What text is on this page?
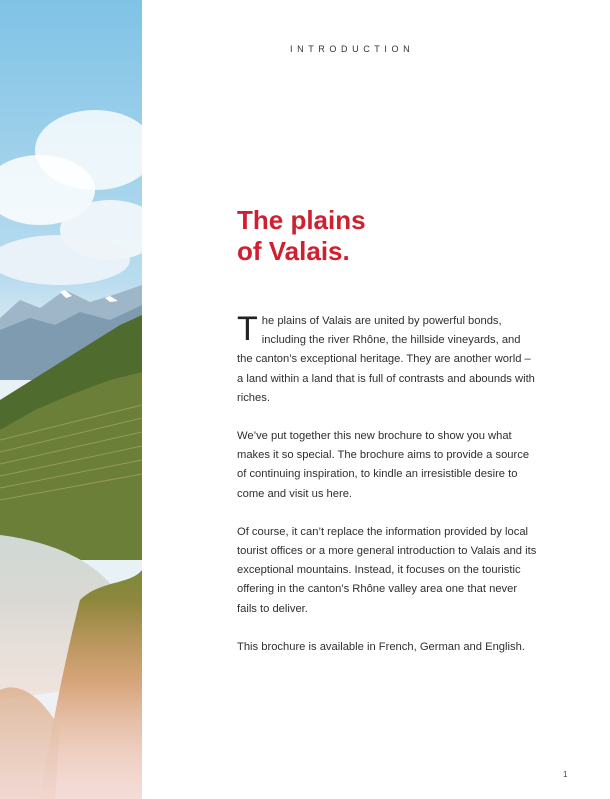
INTRODUCTION
The plains
of Valais.

The plains of Valais are united by powerful bonds, including the river Rhône, the hillside vineyards, and the canton’s exceptional heritage. They are another world – a land within a land that is full of contrasts and abounds with riches.

We’ve put together this new brochure to show you what makes it so special. The brochure aims to provide a source of continuing inspiration, to kindle an irresistible desire to come and visit us here.

Of course, it can’t replace the information provided by local tourist offices or a more general introduction to Valais and its exceptional mountains. Instead, it focuses on the touristic offering in the canton’s Rhône valley area one that never fails to deliver.

This brochure is available in French, German and English.

1
